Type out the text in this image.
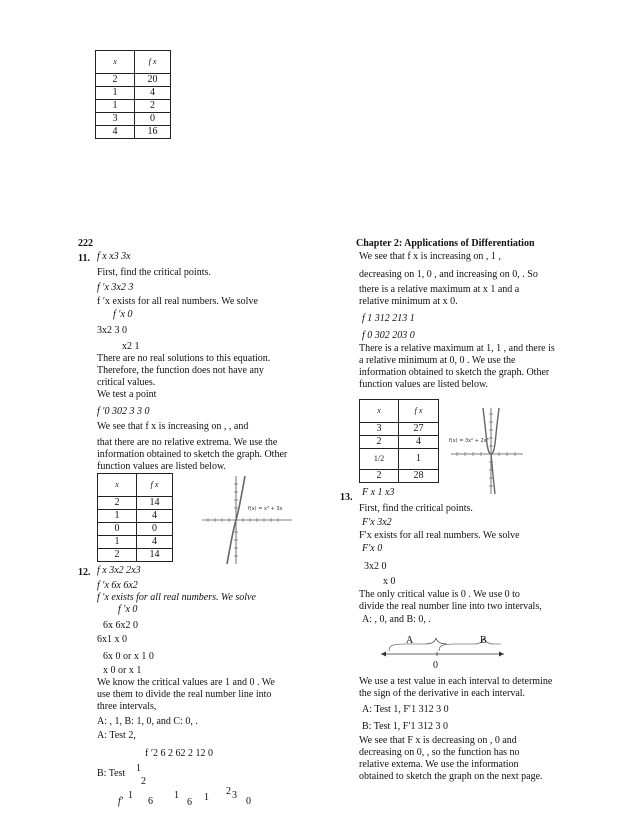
x	f x
2	20
1	4
1	2
3	0
4	16
222	Chapter 2: Applications of Differentiation
11. f x x3 3x
First, find the critical points.
f ′x 3x2 3
f ′x exists for all real numbers. We solve
f ′x 0
3x2 3 0
x2 1
There are no real solutions to this equation.
Therefore, the function does not have any
critical values.
We test a point
f ′0 302 3 3 0
We see that f x is increasing on , , and
that there are no relative extrema. We use the
information obtained to sketch the graph. Other
function values are listed below.
x	f x
2	14
1	4
0	0
1	4
2	14
f(x) = x³ + 3x
12. f x 3x2 2x3
f ′x 6x 6x2
f ′x exists for all real numbers. We solve
f ′x 0
6x 6x2 0
6x1 x 0
6x 0 or x 1 0
x 0 or x 1
We know the critical values are 1 and 0 . We
use them to divide the real number line into
three intervals,
A: , 1, B: 1, 0, and C: 0, .
A: Test 2,
f ′2 6 2 62 2 12 0
B: Test 1
2
f′
1
6
1
6 1
2 3
0
We see that f x is increasing on , 1 ,
decreasing on 1, 0 , and increasing on 0, . So
there is a relative maximum at x 1 and a
relative minimum at x 0.
f 1 312 213 1
f 0 302 203 0
There is a relative maximum at 1, 1 , and there is
a relative minimum at 0, 0 . We use the
information obtained to sketch the graph. Other
function values are listed below.
x	f x
3	27
2	4
1/2	1
2	28
f(x) = 3x² + 2x³
13. F x 1 x3
First, find the critical points.
F′x 3x2
F′x exists for all real numbers. We solve
F′x 0
3x2 0
x 0
The only critical value is 0 . We use 0 to
divide the real number line into two intervals,
A: , 0, and B: 0, .
A	B
0
We use a test value in each interval to determine
the sign of the derivative in each interval.
A: Test 1, F′1 312 3 0
B: Test 1, F′1 312 3 0
We see that F x is decreasing on , 0 and
decreasing on 0, , so the function has no
relative extema. We use the information
obtained to sketch the graph on the next page.
